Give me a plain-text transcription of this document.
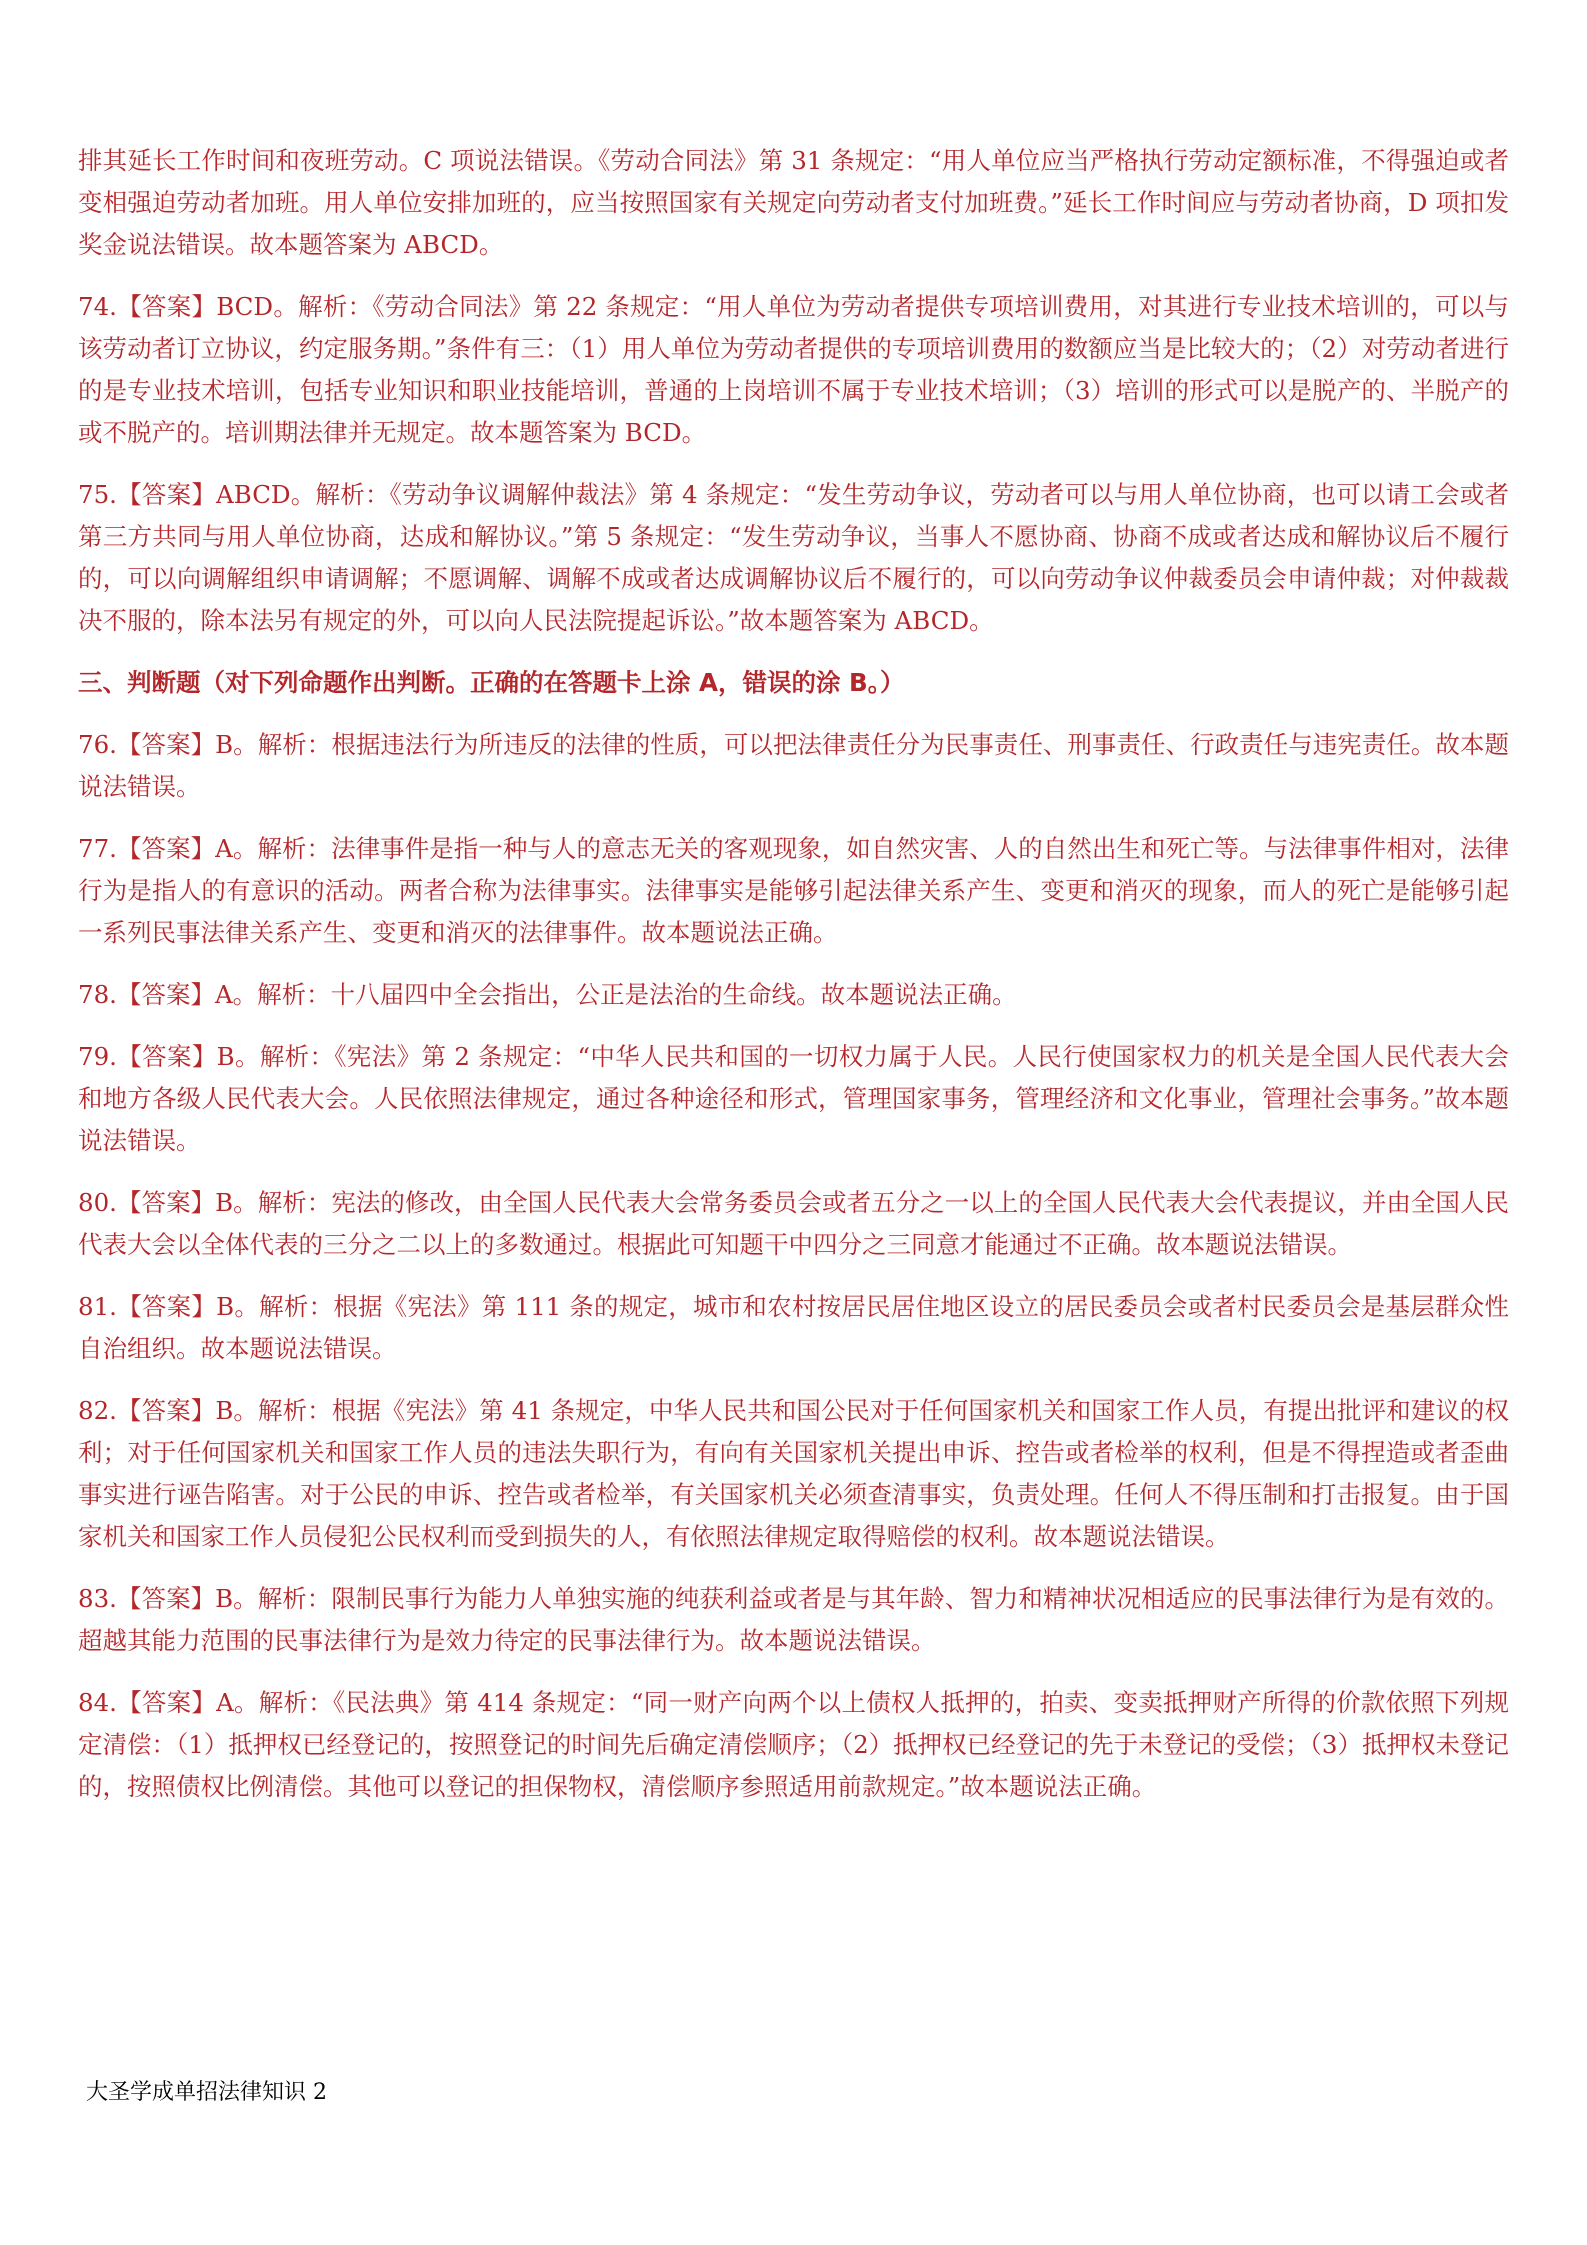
排其延长工作时间和夜班劳动。C 项说法错误。《劳动合同法》第 31 条规定：“用人单位应当严格执行劳动定额标准，不得强迫或者变相强迫劳动者加班。用人单位安排加班的，应当按照国家有关规定向劳动者支付加班费。”延长工作时间应与劳动者协商，D 项扣发奖金说法错误。故本题答案为 ABCD。

74.【答案】BCD。解析：《劳动合同法》第 22 条规定：“用人单位为劳动者提供专项培训费用，对其进行专业技术培训的，可以与该劳动者订立协议，约定服务期。”条件有三：（1）用人单位为劳动者提供的专项培训费用的数额应当是比较大的；（2）对劳动者进行的是专业技术培训，包括专业知识和职业技能培训，普通的上岗培训不属于专业技术培训；（3）培训的形式可以是脱产的、半脱产的或不脱产的。培训期法律并无规定。故本题答案为 BCD。

75.【答案】ABCD。解析：《劳动争议调解仲裁法》第 4 条规定：“发生劳动争议，劳动者可以与用人单位协商，也可以请工会或者第三方共同与用人单位协商，达成和解协议。”第 5 条规定：“发生劳动争议，当事人不愿协商、协商不成或者达成和解协议后不履行的，可以向调解组织申请调解；不愿调解、调解不成或者达成调解协议后不履行的，可以向劳动争议仲裁委员会申请仲裁；对仲裁裁决不服的，除本法另有规定的外，可以向人民法院提起诉讼。”故本题答案为 ABCD。

三、判断题（对下列命题作出判断。正确的在答题卡上涂 A，错误的涂 B。）

76.【答案】B。解析：根据违法行为所违反的法律的性质，可以把法律责任分为民事责任、刑事责任、行政责任与违宪责任。故本题说法错误。

77.【答案】A。解析：法律事件是指一种与人的意志无关的客观现象，如自然灾害、人的自然出生和死亡等。与法律事件相对，法律行为是指人的有意识的活动。两者合称为法律事实。法律事实是能够引起法律关系产生、变更和消灭的现象，而人的死亡是能够引起一系列民事法律关系产生、变更和消灭的法律事件。故本题说法正确。

78.【答案】A。解析：十八届四中全会指出，公正是法治的生命线。故本题说法正确。

79.【答案】B。解析：《宪法》第 2 条规定：“中华人民共和国的一切权力属于人民。人民行使国家权力的机关是全国人民代表大会和地方各级人民代表大会。人民依照法律规定，通过各种途径和形式，管理国家事务，管理经济和文化事业，管理社会事务。”故本题说法错误。

80.【答案】B。解析：宪法的修改，由全国人民代表大会常务委员会或者五分之一以上的全国人民代表大会代表提议，并由全国人民代表大会以全体代表的三分之二以上的多数通过。根据此可知题干中四分之三同意才能通过不正确。故本题说法错误。

81.【答案】B。解析：根据《宪法》第 111 条的规定，城市和农村按居民居住地区设立的居民委员会或者村民委员会是基层群众性自治组织。故本题说法错误。

82.【答案】B。解析：根据《宪法》第 41 条规定，中华人民共和国公民对于任何国家机关和国家工作人员，有提出批评和建议的权利；对于任何国家机关和国家工作人员的违法失职行为，有向有关国家机关提出申诉、控告或者检举的权利，但是不得捏造或者歪曲事实进行诬告陷害。对于公民的申诉、控告或者检举，有关国家机关必须查清事实，负责处理。任何人不得压制和打击报复。由于国家机关和国家工作人员侵犯公民权利而受到损失的人，有依照法律规定取得赔偿的权利。故本题说法错误。

83.【答案】B。解析：限制民事行为能力人单独实施的纯获利益或者是与其年龄、智力和精神状况相适应的民事法律行为是有效的。超越其能力范围的民事法律行为是效力待定的民事法律行为。故本题说法错误。

84.【答案】A。解析：《民法典》第 414 条规定：“同一财产向两个以上债权人抵押的，拍卖、变卖抵押财产所得的价款依照下列规定清偿：（1）抵押权已经登记的，按照登记的时间先后确定清偿顺序；（2）抵押权已经登记的先于未登记的受偿；（3）抵押权未登记的，按照债权比例清偿。其他可以登记的担保物权，清偿顺序参照适用前款规定。”故本题说法正确。

大圣学成单招法律知识 2
